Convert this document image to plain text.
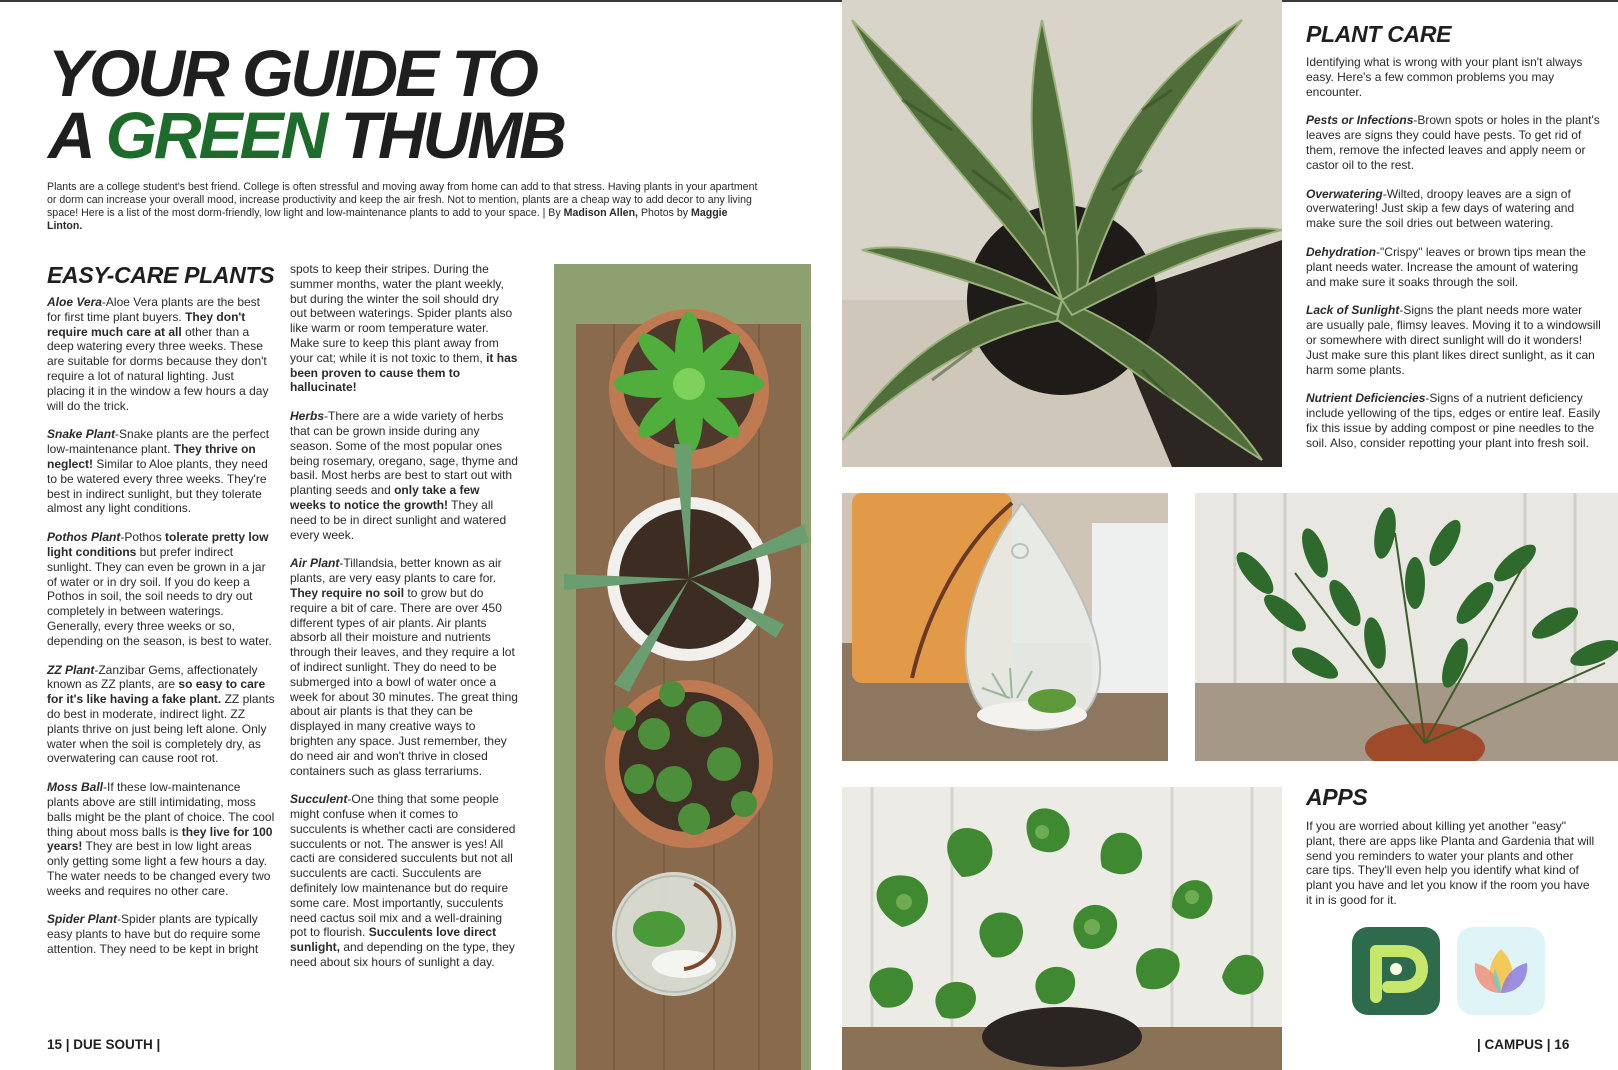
YOUR GUIDE TO
A GREEN THUMB
Plants are a college student's best friend. College is often stressful and moving away from home can add to that stress. Having plants in your apartment or dorm can increase your overall mood, increase productivity and keep the air fresh. Not to mention, plants are a cheap way to add decor to any living space! Here is a list of the most dorm-friendly, low light and low-maintenance plants to add to your space. | By Madison Allen, Photos by Maggie Linton.
EASY-CARE PLANTS

Aloe Vera-Aloe Vera plants are the best for first time plant buyers. They don't require much care at all other than a deep watering every three weeks. These are suitable for dorms because they don't require a lot of natural lighting. Just placing it in the window a few hours a day will do the trick.

Snake Plant-Snake plants are the perfect low-maintenance plant. They thrive on neglect! Similar to Aloe plants, they need to be watered every three weeks. They're best in indirect sunlight, but they tolerate almost any light conditions.

Pothos Plant-Pothos tolerate pretty low light conditions but prefer indirect sunlight. They can even be grown in a jar of water or in dry soil. If you do keep a Pothos in soil, the soil needs to dry out completely in between waterings. Generally, every three weeks or so, depending on the season, is best to water.

ZZ Plant-Zanzibar Gems, affectionately known as ZZ plants, are so easy to care for it's like having a fake plant. ZZ plants do best in moderate, indirect light. ZZ plants thrive on just being left alone. Only water when the soil is completely dry, as overwatering can cause root rot.

Moss Ball-If these low-maintenance plants above are still intimidating, moss balls might be the plant of choice. The cool thing about moss balls is they live for 100 years! They are best in low light areas only getting some light a few hours a day. The water needs to be changed every two weeks and requires no other care.

Spider Plant-Spider plants are typically easy plants to have but do require some attention. They need to be kept in bright

spots to keep their stripes. During the summer months, water the plant weekly, but during the winter the soil should dry out between waterings. Spider plants also like warm or room temperature water. Make sure to keep this plant away from your cat; while it is not toxic to them, it has been proven to cause them to hallucinate!

Herbs-There are a wide variety of herbs that can be grown inside during any season. Some of the most popular ones being rosemary, oregano, sage, thyme and basil. Most herbs are best to start out with planting seeds and only take a few weeks to notice the growth! They all need to be in direct sunlight and watered every week.

Air Plant-Tillandsia, better known as air plants, are very easy plants to care for. They require no soil to grow but do require a bit of care. There are over 450 different types of air plants. Air plants absorb all their moisture and nutrients through their leaves, and they require a lot of indirect sunlight. They do need to be submerged into a bowl of water once a week for about 30 minutes. The great thing about air plants is that they can be displayed in many creative ways to brighten any space. Just remember, they do need air and won't thrive in closed containers such as glass terrariums.

Succulent-One thing that some people might confuse when it comes to succulents is whether cacti are considered succulents or not. The answer is yes! All cacti are considered succulents but not all succulents are cacti. Succulents are definitely low maintenance but do require some care. Most importantly, succulents need cactus soil mix and a well-draining pot to flourish. Succulents love direct sunlight, and depending on the type, they need about six hours of sunlight a day.

15 | DUE SOUTH |
PLANT CARE

Identifying what is wrong with your plant isn't always easy. Here's a few common problems you may encounter.

Pests or Infections-Brown spots or holes in the plant's leaves are signs they could have pests. To get rid of them, remove the infected leaves and apply neem or castor oil to the rest.

Overwatering-Wilted, droopy leaves are a sign of overwatering! Just skip a few days of watering and make sure the soil dries out between watering.

Dehydration-"Crispy" leaves or brown tips mean the plant needs water. Increase the amount of watering and make sure it soaks through the soil.

Lack of Sunlight-Signs the plant needs more water are usually pale, flimsy leaves. Moving it to a windowsill or somewhere with direct sunlight will do it wonders! Just make sure this plant likes direct sunlight, as it can harm some plants.

Nutrient Deficiencies-Signs of a nutrient deficiency include yellowing of the tips, edges or entire leaf. Easily fix this issue by adding compost or pine needles to the soil. Also, consider repotting your plant into fresh soil.

APPS
If you are worried about killing yet another "easy" plant, there are apps like Planta and Gardenia that will send you reminders to water your plants and other care tips. They'll even help you identify what kind of plant you have and let you know if the room you have it in is good for it.
| CAMPUS | 16
